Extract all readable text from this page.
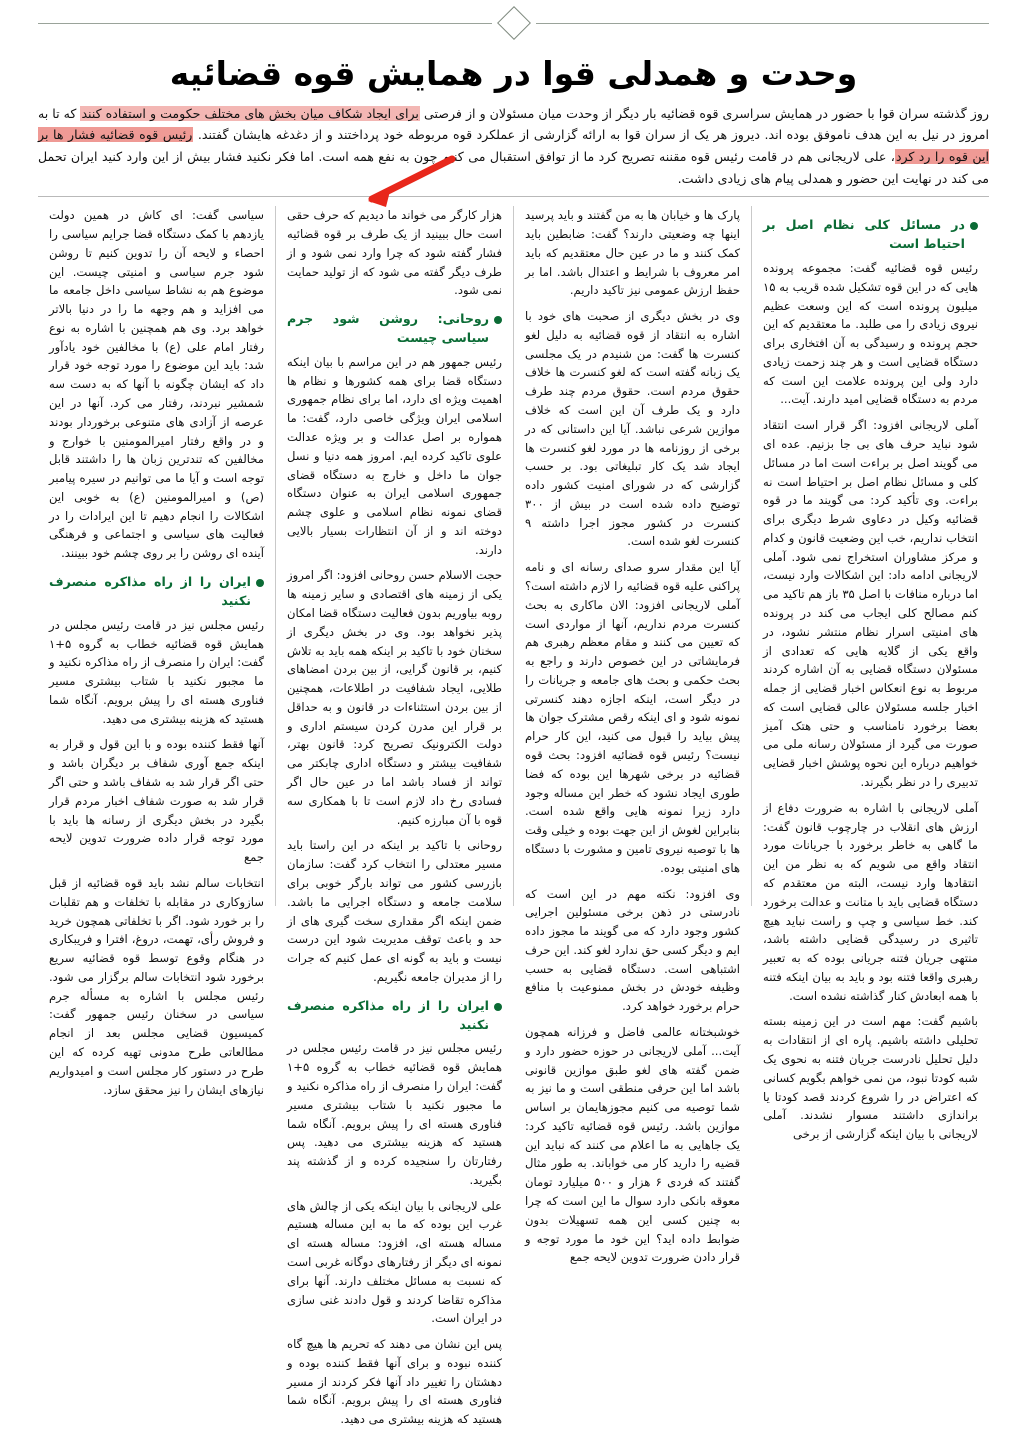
وحدت و همدلی قوا در همایش قوه قضائیه

روز گذشته سران قوا با حضور در همایش سراسری قوه قضائیه بار دیگر از وحدت میان مسئولان و از فرصتی برای ایجاد شکاف میان بخش های مختلف حکومت و استفاده کنند که تا به امروز در نیل به این هدف ناموفق بوده اند. دیروز هر یک از سران قوا به ارائه گزارشی از عملکرد قوه مربوطه خود پرداختند و از دغدغه هایشان گفتند. رئیس قوه قضائیه فشار ها بر این قوه را رد کرد، علی لاریجانی هم در قامت رئیس قوه مقننه تصریح کرد ما از توافق استقبال می کنیم چون به نفع همه است. اما فکر نکنید فشار بیش از این وارد کنید ایران تحمل می کند در نهایت این حضور و همدلی پیام های زیادی داشت.

در مسائل کلی نظام اصل بر احتیاط است

رئیس قوه قضائیه گفت: مجموعه پرونده هایی که در این قوه تشکیل شده قریب به ۱۵ میلیون پرونده است که این وسعت عظیم نیروی زیادی را می طلبد. ما معتقدیم که این حجم پرونده و رسیدگی به آن افتخاری برای دستگاه قضایی است و هر چند زحمت زیادی دارد ولی این پرونده علامت این است که مردم به دستگاه قضایی امید دارند. آیت...

آملی لاریجانی افزود: اگر قرار است انتقاد شود نباید حرف های بی جا بزنیم. عده ای می گویند اصل بر براءت است اما در مسائل کلی و مسائل نظام اصل بر احتیاط است نه براءت. وی تأکید کرد: می گویند ما در قوه قضائیه وکیل در دعاوی شرط دیگری برای انتخاب نداریم، خب این وضعیت قانون و کدام و مرکز مشاوران استخراج نمی شود. آملی لاریجانی ادامه داد: این اشکالات وارد نیست، اما درباره منافات با اصل ۳۵ باز هم تاکید می کنم مصالح کلی ایجاب می کند در پرونده های امنیتی اسرار نظام منتشر نشود، در واقع یکی از گلایه هایی که تعدادی از مسئولان دستگاه قضایی به آن اشاره کردند مربوط به نوع انعکاس اخبار قضایی از جمله اخبار جلسه مسئولان عالی قضایی است که بعضا برخورد نامناسب و حتی هتک آمیز صورت می گیرد از مسئولان رسانه ملی می خواهیم درباره این نحوه پوشش اخبار قضایی تدبیری را در نظر بگیرند.

آملی لاریجانی با اشاره به ضرورت دفاع از ارزش های انقلاب در چارچوب قانون گفت: ما گاهی به خاطر برخورد با جریانات مورد انتقاد واقع می شویم که به نظر من این انتقادها وارد نیست، البته من معتقدم که دستگاه قضایی باید با متانت و عدالت برخورد کند. خط سیاسی و چپ و راست نباید هیچ تاثیری در رسیدگی قضایی داشته باشد، منتهی جریان فتنه جریانی بوده که به تعبیر رهبری واقعا فتنه بود و باید به بیان اینکه فتنه با همه ابعادش کنار گذاشته نشده است.

باشیم گفت: مهم است در این زمینه بسته تحلیلی داشته باشیم. پاره ای از انتقادات به دلیل تحلیل نادرست جریان فتنه به نحوی یک شبه کودتا نبود، من نمی خواهم بگویم کسانی که اعتراض در را شروع کردند قصد کودتا یا براندازی داشتند مسوار نشدند. آملی لاریجانی با بیان اینکه گزارشی از برخی

پارک ها و خیابان ها به من گفتند و باید پرسید اینها چه وضعیتی دارند؟ گفت: ضابطین باید کمک کنند و ما در عین حال معتقدیم که باید امر معروف با شرایط و اعتدال باشد. اما بر حفظ ارزش عمومی نیز تاکید داریم.

وی در بخش دیگری از صحبت های خود با اشاره به انتقاد از قوه قضائیه به دلیل لغو کنسرت ها گفت: من شنیدم در یک مجلسی یک زبانه گفته است که لغو کنسرت ها خلاف حقوق مردم است. حقوق مردم چند طرف دارد و یک طرف آن این است که خلاف موازین شرعی نباشد. آیا این داستانی که در برخی از روزنامه ها در مورد لغو کنسرت ها ایجاد شد یک کار تبلیغاتی بود. بر حسب گزارشی که در شورای امنیت کشور داده توضیح داده شده است در بیش از ۳۰۰ کنسرت در کشور مجوز اجرا داشته ۹ کنسرت لغو شده است.

آیا این مقدار سرو صدای رسانه ای و نامه پراکنی علیه قوه قضائیه را لازم داشته است؟ آملی لاریجانی افزود: الان ماکاری به بحث کنسرت مردم نداریم، آنها از مواردی است که تعیین می کنند و مقام معظم رهبری هم فرمایشاتی در این خصوص دارند و راجع به بحث حکمی و بحث های جامعه و جریانات را در دیگر است، اینکه اجازه دهند کنسرتی نمونه شود و ای اینکه رقص مشترک جوان ها پیش بیاید را قبول می کنید، این کار حرام نیست؟ رئیس قوه قضائیه افزود: بحث قوه قضائیه در برخی شهرها این بوده که فضا طوری ایجاد نشود که خطر این مساله وجود دارد زیرا نمونه هایی واقع شده است. بنابراین لغوش از این جهت بوده و خیلی وقت ها با توصیه نیروی تامین و مشورت با دستگاه های امنیتی بوده.

وی افزود: نکته مهم در این است که نادرستی در ذهن برخی مسئولین اجرایی کشور وجود دارد که می گویند ما مجوز داده ایم و دیگر کسی حق ندارد لغو کند. این حرف اشتباهی است. دستگاه قضایی به حسب وظیفه خودش در بخش ممنوعیت با منافع حرام برخورد خواهد کرد.

خوشبختانه عالمی فاضل و فرزانه همچون آیت... آملی لاریجانی در حوزه حضور دارد و ضمن گفته های لغو طبق موازین قانونی باشد اما این حرفی منطقی است و ما نیز به شما توصیه می کنیم مجوزهایمان بر اساس موازین باشد. رئیس قوه قضائیه تاکید کرد: یک جاهایی به ما اعلام می کنند که نباید این قضیه را دارید کار می خواباند. به طور مثال گفتند که فردی ۶ هزار و ۵۰۰ میلیارد تومان معوقه بانکی دارد سوال ما این است که چرا به چنین کسی این همه تسهیلات بدون ضوابط داده اید؟ این خود ما مورد توجه و قرار دادن ضرورت تدوین لایحه جمع

هزار کارگر می خواند ما دیدیم که حرف حقی است حال ببینید از یک طرف بر قوه قضائیه فشار گفته شود که چرا وارد نمی شود و از طرف دیگر گفته می شود که از تولید حمایت نمی شود.

روحانی: روشن شود جرم سیاسی چیست

رئیس جمهور هم در این مراسم با بیان اینکه دستگاه قضا برای همه کشورها و نظام ها اهمیت ویژه ای دارد، اما برای نظام جمهوری اسلامی ایران ویژگی خاصی دارد، گفت: ما همواره بر اصل عدالت و بر ویژه عدالت علوی تاکید کرده ایم. امروز همه دنیا و نسل جوان ما داخل و خارج به دستگاه قضای جمهوری اسلامی ایران به عنوان دستگاه قضای نمونه نظام اسلامی و علوی چشم دوخته اند و از آن انتظارات بسیار بالایی دارند.

حجت الاسلام حسن روحانی افزود: اگر امروز یکی از زمینه های اقتصادی و سایر زمینه ها روبه بیاوریم بدون فعالیت دستگاه قضا امکان پذیر نخواهد بود. وی در بخش دیگری از سخنان خود با تاکید بر اینکه همه باید به تلاش کنیم، بر قانون گرایی، از بین بردن امضاهای طلایی، ایجاد شفافیت در اطلاعات، همچنین از بین بردن استثناءات در قانون و به حداقل بر قرار این مدرن کردن سیستم اداری و دولت الکترونیک تصریح کرد: قانون بهتر، شفافیت بیشتر و دستگاه اداری چابکتر می تواند از فساد باشد اما در عین حال اگر فسادی رخ داد لازم است تا با همکاری سه قوه با آن مبارزه کنیم.

روحانی با تاکید بر اینکه در این راستا باید مسیر معتدلی را انتخاب کرد گفت: سازمان بازرسی کشور می تواند بارگر خوبی برای سلامت جامعه و دستگاه اجرایی ما باشد. ضمن اینکه اگر مقداری سخت گیری های از حد و باعث توقف مدیریت شود این درست نیست و باید به گونه ای عمل کنیم که جرات را از مدیران جامعه نگیریم.

ایران را از راه مذاکره منصرف نکنید

رئیس مجلس نیز در قامت رئیس مجلس در همایش قوه قضائیه خطاب به گروه ۵+۱ گفت: ایران را منصرف از راه مذاکره نکنید و ما مجبور نکنید با شتاب بیشتری مسیر فناوری هسته ای را پیش برویم. آنگاه شما هستید که هزینه بیشتری می دهید. پس رفتارتان را سنجیده کرده و از گذشته پند بگیرید.

علی لاریجانی با بیان اینکه یکی از چالش های غرب این بوده که ما به این مساله هستیم مساله هسته ای، افزود: مساله هسته ای نمونه ای دیگر از رفتارهای دوگانه غربی است که نسبت به مسائل مختلف دارند. آنها برای مذاکره تقاضا کردند و قول دادند غنی سازی در ایران است.

پس این نشان می دهند که تحریم ها هیچ گاه کننده نبوده و برای آنها فقط کننده بوده و دهشتان را تغییر داد آنها فکر کردند از مسیر فناوری هسته ای را پیش برویم. آنگاه شما هستید که هزینه بیشتری می دهید.

سیاسی گفت: ای کاش در همین دولت یازدهم با کمک دستگاه قضا جرایم سیاسی را احصاء و لایحه آن را تدوین کنیم تا روشن شود جرم سیاسی و امنیتی چیست. این موضوع هم به نشاط سیاسی داخل جامعه ما می افزاید و هم وجهه ما را در دنیا بالاتر خواهد برد. وی هم همچنین با اشاره به نوع رفتار امام علی (ع) با مخالفین خود یادآور شد: باید این موضوع را مورد توجه خود قرار داد که ایشان چگونه با آنها که به دست سه شمشیر نبردند، رفتار می کرد. آنها در این عرصه از آزادی های متنوعی برخوردار بودند و در واقع رفتار امیرالمومنین با خوارج و مخالفین که تندترین زبان ها را داشتند قابل توجه است و آیا ما می توانیم در سیره پیامبر (ص) و امیرالمومنین (ع) به خوبی این اشکالات را انجام دهیم تا این ایرادات را در فعالیت های سیاسی و اجتماعی و فرهنگی آینده ای روشن را بر روی چشم خود ببینند.

ایران را از راه مذاکره منصرف نکنید

رئیس مجلس نیز در قامت رئیس مجلس در همایش قوه قضائیه خطاب به گروه ۵+۱ گفت: ایران را منصرف از راه مذاکره نکنید و ما مجبور نکنید با شتاب بیشتری مسیر فناوری هسته ای را پیش برویم. آنگاه شما هستید که هزینه بیشتری می دهید.

آنها فقط کننده بوده و با این قول و قرار به اینکه جمع آوری شفاف بر دیگران باشد و حتی اگر قرار شد به شفاف باشد و حتی اگر قرار شد به صورت شفاف اخبار مردم قرار بگیرد در بخش دیگری از رسانه ها باید با مورد توجه قرار داده ضرورت تدوین لایحه جمع

انتخابات سالم نشد باید قوه قضائیه از قبل سازوکاری در مقابله با تخلفات و هم تقلبات را بر خورد شود. اگر با تخلفاتی همچون خرید و فروش رأی، تهمت، دروغ، افترا و فریبکاری در هنگام وقوع توسط قوه قضائیه سریع برخورد شود انتخابات سالم برگزار می شود. رئیس مجلس با اشاره به مسأله جرم سیاسی در سخنان رئیس جمهور گفت: کمیسیون قضایی مجلس بعد از انجام مطالعاتی طرح مدونی تهیه کرده که این طرح در دستور کار مجلس است و امیدواریم نیازهای ایشان را نیز محقق سازد.
